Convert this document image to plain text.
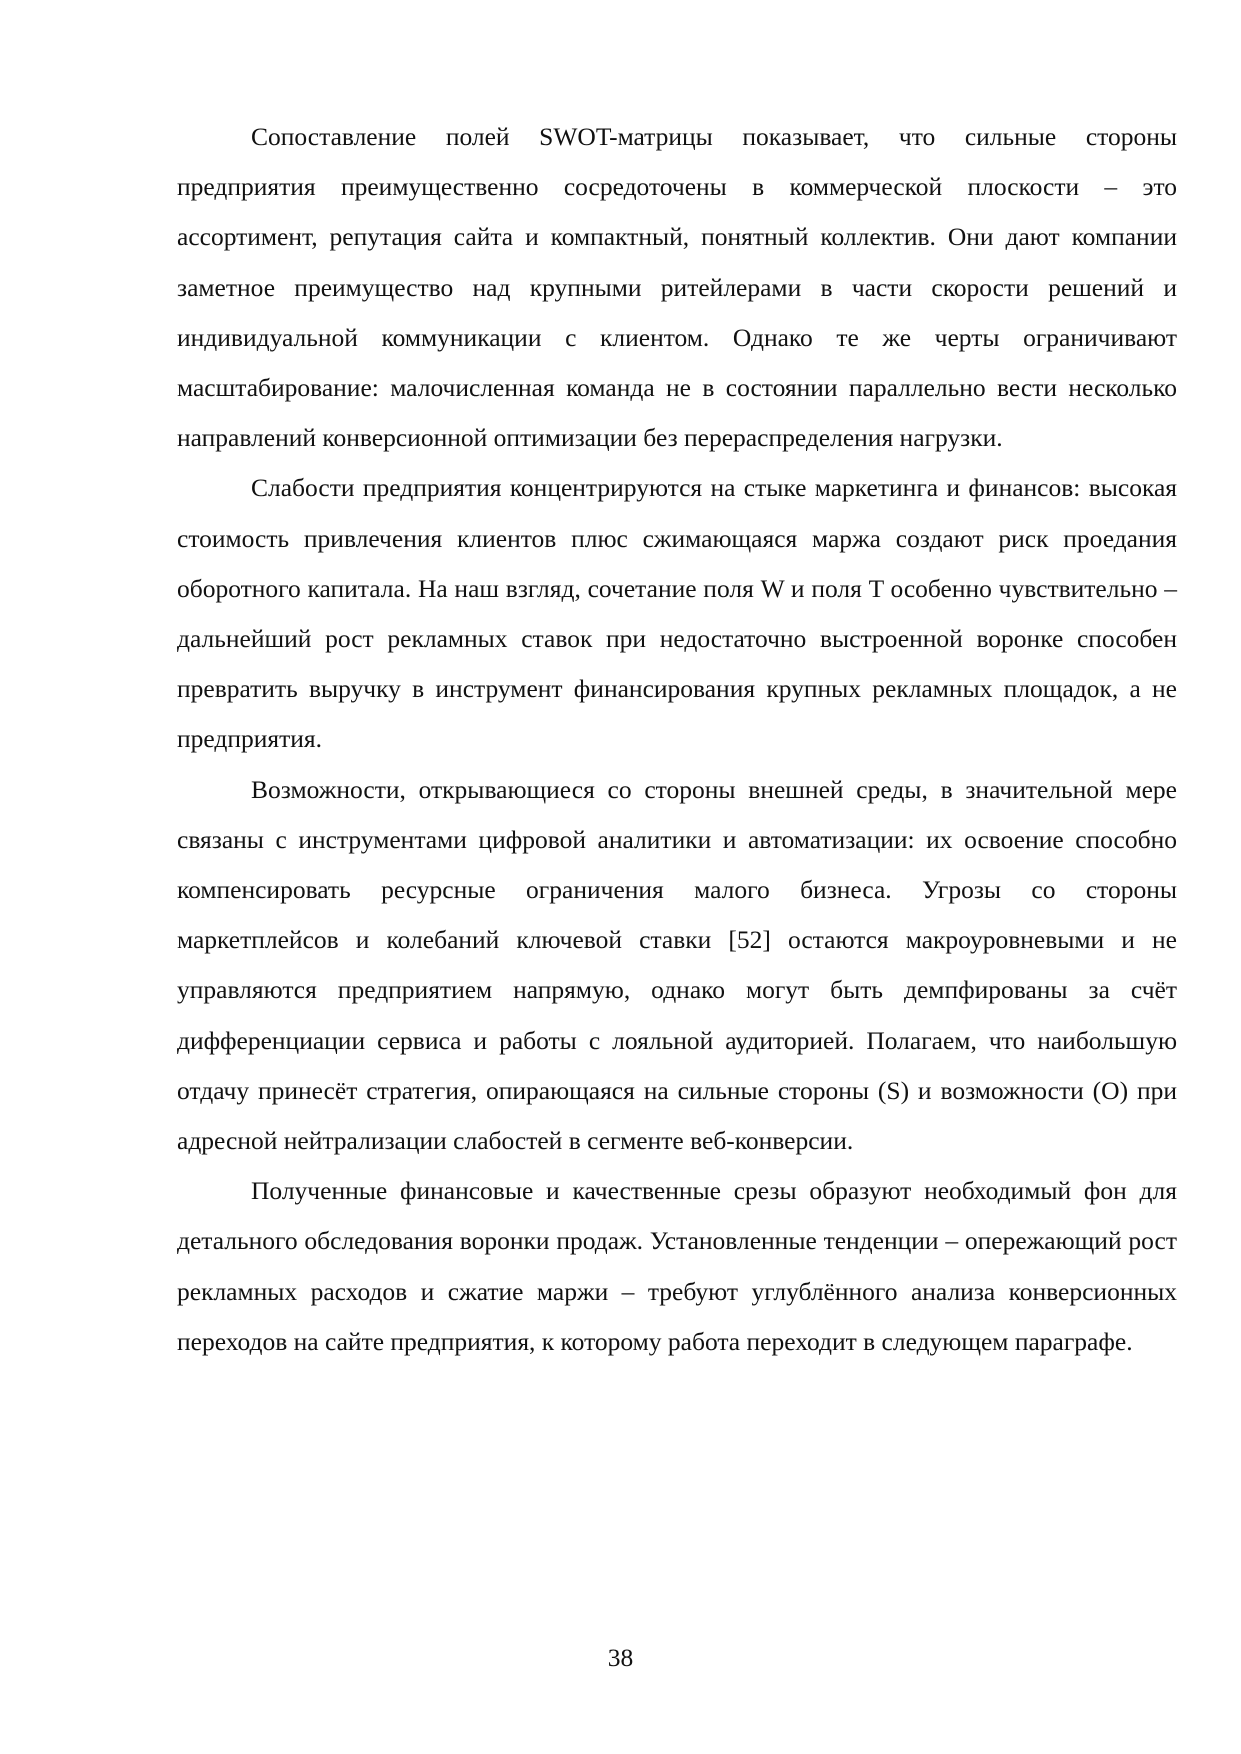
Сопоставление полей SWOT-матрицы показывает, что сильные стороны предприятия преимущественно сосредоточены в коммерческой плоскости – это ассортимент, репутация сайта и компактный, понятный коллектив. Они дают компании заметное преимущество над крупными ритейлерами в части скорости решений и индивидуальной коммуникации с клиентом. Однако те же черты ограничивают масштабирование: малочисленная команда не в состоянии параллельно вести несколько направлений конверсионной оптимизации без перераспределения нагрузки.

Слабости предприятия концентрируются на стыке маркетинга и финансов: высокая стоимость привлечения клиентов плюс сжимающаяся маржа создают риск проедания оборотного капитала. На наш взгляд, сочетание поля W и поля T особенно чувствительно – дальнейший рост рекламных ставок при недостаточно выстроенной воронке способен превратить выручку в инструмент финансирования крупных рекламных площадок, а не предприятия.

Возможности, открывающиеся со стороны внешней среды, в значительной мере связаны с инструментами цифровой аналитики и автоматизации: их освоение способно компенсировать ресурсные ограничения малого бизнеса. Угрозы со стороны маркетплейсов и колебаний ключевой ставки [52] остаются макроуровневыми и не управляются предприятием напрямую, однако могут быть демпфированы за счёт дифференциации сервиса и работы с лояльной аудиторией. Полагаем, что наибольшую отдачу принесёт стратегия, опирающаяся на сильные стороны (S) и возможности (O) при адресной нейтрализации слабостей в сегменте веб-конверсии.

Полученные финансовые и качественные срезы образуют необходимый фон для детального обследования воронки продаж. Установленные тенденции – опережающий рост рекламных расходов и сжатие маржи – требуют углублённого анализа конверсионных переходов на сайте предприятия, к которому работа переходит в следующем параграфе.

38
